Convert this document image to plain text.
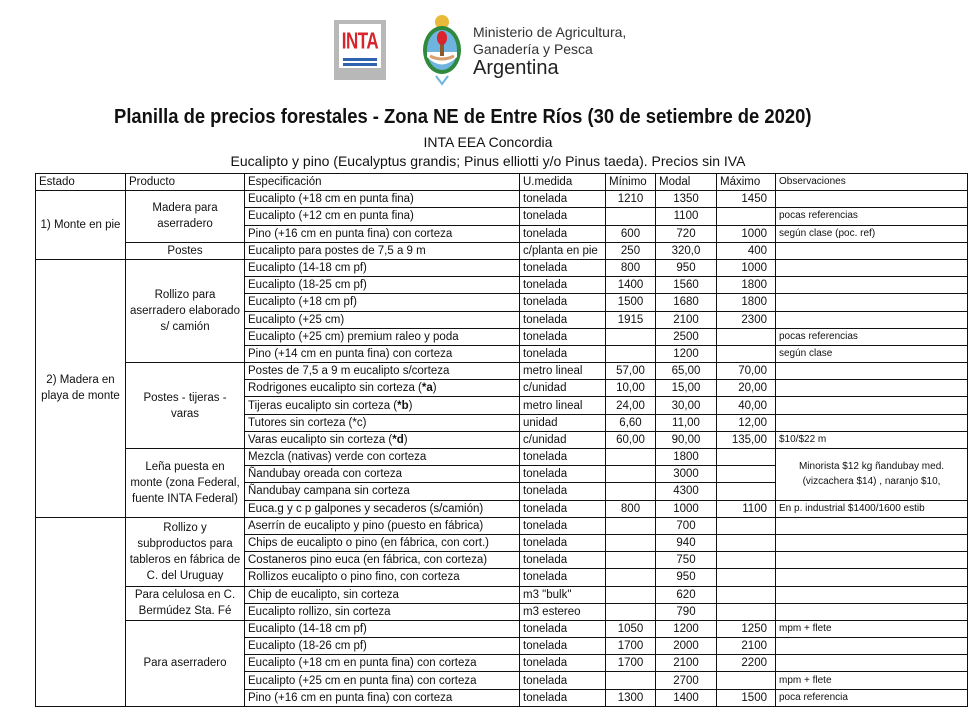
INTA	Ministerio de Agricultura,
Ganadería y Pesca
Argentina
Planilla de precios forestales - Zona NE de Entre Ríos (30 de setiembre de 2020)
INTA EEA Concordia
Eucalipto y pino (Eucalyptus grandis; Pinus elliotti y/o Pinus taeda). Precios sin IVA
Estado	Producto	Especificación	U.medida	Mínimo	Modal	Máximo	Observaciones
1) Monte en pie	Madera para aserradero	Eucalipto (+18 cm en punta fina)	tonelada	1210	1350	1450	
		Eucalipto (+12 cm en punta fina)	tonelada		1100		pocas referencias
		Pino (+16 cm en punta fina) con corteza	tonelada	600	720	1000	según clase (poc. ref)
	Postes	Eucalipto para postes de 7,5 a 9 m	c/planta en pie	250	320,0	400	
2) Madera en playa de monte	Rollizo para aserradero elaborado s/ camión	Eucalipto (14-18 cm pf)	tonelada	800	950	1000	
		Eucalipto (18-25 cm pf)	tonelada	1400	1560	1800	
		Eucalipto (+18 cm pf)	tonelada	1500	1680	1800	
		Eucalipto (+25 cm)	tonelada	1915	2100	2300	
		Eucalipto (+25 cm) premium raleo y poda	tonelada		2500		pocas referencias
		Pino (+14 cm en punta fina) con corteza	tonelada		1200		según clase
	Postes - tijeras - varas	Postes de 7,5 a 9 m eucalipto s/corteza	metro lineal	57,00	65,00	70,00	
		Rodrigones eucalipto sin corteza (*a)	c/unidad	10,00	15,00	20,00	
		Tijeras eucalipto sin corteza (*b)	metro lineal	24,00	30,00	40,00	
		Tutores sin corteza (*c)	unidad	6,60	11,00	12,00	
		Varas eucalipto sin corteza (*d)	c/unidad	60,00	90,00	135,00	$10/$22 m
	Leña puesta en monte (zona Federal, fuente INTA Federal)	Mezcla (nativas) verde con corteza	tonelada		1800		Minorista $12 kg ñandubay med. (vizcachera $14) , naranjo $10,
		Ñandubay oreada con corteza	tonelada		3000		
		Ñandubay campana sin corteza	tonelada		4300		
		Euca.g y c p galpones y secaderos (s/camión)	tonelada	800	1000	1100	En p. industrial $1400/1600 estib
	Rollizo y subproductos para tableros en fábrica de C. del Uruguay	Aserrín de eucalipto y pino (puesto en fábrica)	tonelada		700		
		Chips de eucalipto o pino (en fábrica, con cort.)	tonelada		940		
		Costaneros pino euca (en fábrica, con corteza)	tonelada		750		
		Rollizos eucalipto o pino fino, con corteza	tonelada		950		
	Para celulosa en C. Bermúdez Sta. Fé	Chip de eucalipto, sin corteza	m3 "bulk"		620		
		Eucalipto rollizo, sin corteza	m3 estereo		790		
	Para aserradero	Eucalipto (14-18 cm pf)	tonelada	1050	1200	1250	mpm + flete
		Eucalipto (18-26 cm pf)	tonelada	1700	2000	2100	
		Eucalipto (+18 cm en punta fina) con corteza	tonelada	1700	2100	2200	
		Eucalipto (+25 cm en punta fina) con corteza	tonelada		2700		mpm + flete
		Pino (+16 cm en punta fina) con corteza	tonelada	1300	1400	1500	poca referencia
